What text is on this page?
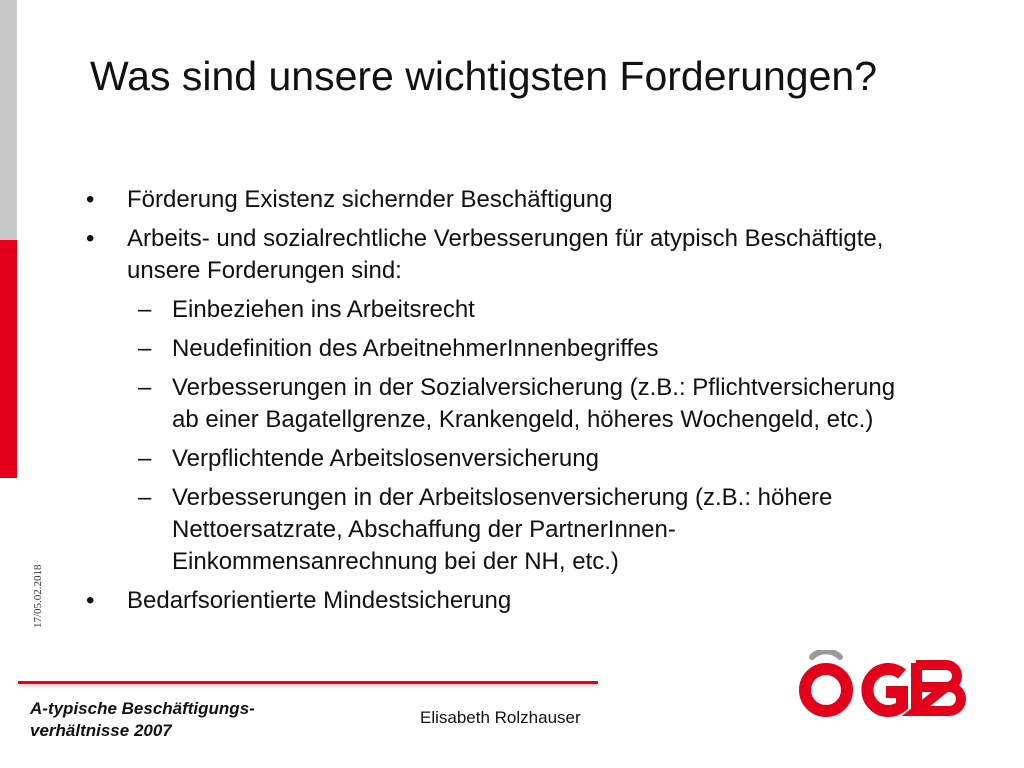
17/05.02.2018
Was sind unsere wichtigsten Forderungen?
• Förderung Existenz sichernder Beschäftigung
• Arbeits- und sozialrechtliche Verbesserungen für atypisch Beschäftigte, unsere Forderungen sind:
– Einbeziehen ins Arbeitsrecht
– Neudefinition des ArbeitnehmerInnenbegriffes
– Verbesserungen in der Sozialversicherung (z.B.: Pflichtversicherung ab einer Bagatellgrenze, Krankengeld, höheres Wochengeld, etc.)
– Verpflichtende Arbeitslosenversicherung
– Verbesserungen in der Arbeitslosenversicherung (z.B.: höhere Nettoersatzrate, Abschaffung der PartnerInnen-Einkommensanrechnung bei der NH, etc.)
• Bedarfsorientierte Mindestsicherung
A-typische Beschäftigungs-verhältnisse 2007
Elisabeth Rolzhauser
